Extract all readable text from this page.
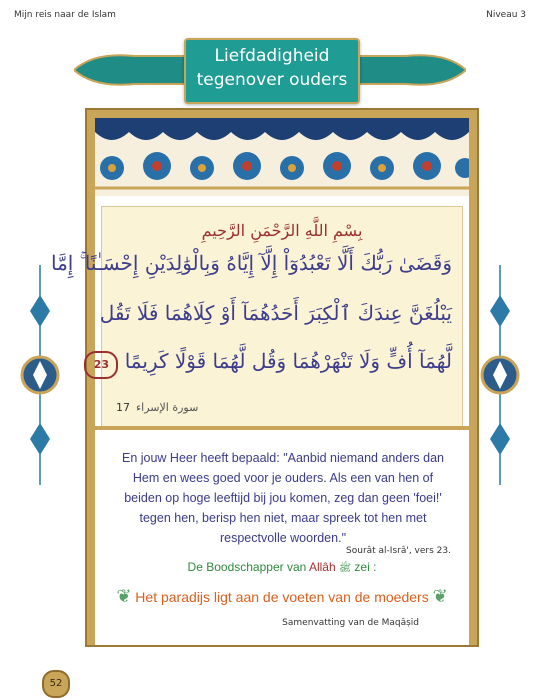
Mijn reis naar de Islam	Niveau 3
بِسْمِ اللَّهِ الرَّحْمَنِ الرَّحِيمِ
وَقَضَىٰ رَبُّكَ أَلَّا تَعْبُدُوٓاْ إِلَّآ إِيَّاهُ وَبِالْوَٰلِدَيْنِ إِحْسَـٰنًا ۚ إِمَّا
يَبْلُغَنَّ عِندَكَ ٱلْكِبَرَ أَحَدُهُمَآ أَوْ كِلَاهُمَا فَلَا تَقُل
لَّهُمَآ أُفٍّ وَلَا تَنْهَرْهُمَا وَقُل لَّهُمَا قَوْلًا كَرِيمًا 23
17 سورة الإسراء
En jouw Heer heeft bepaald: "Aanbid niemand anders dan Hem en wees goed voor je ouders. Als een van hen of beiden op hoge leeftijd bij jou komen, zeg dan geen 'foei!' tegen hen, berisp hen niet, maar spreek tot hen met respectvolle woorden."
Sourât al-Isrâ', vers 23.
De Boodschapper van Allâh ﷺ zei :
❦ Het paradijs ligt aan de voeten van de moeders ❦
Samenvatting van de Maqâṣid
Liefdadigheid
tegenover ouders
52
